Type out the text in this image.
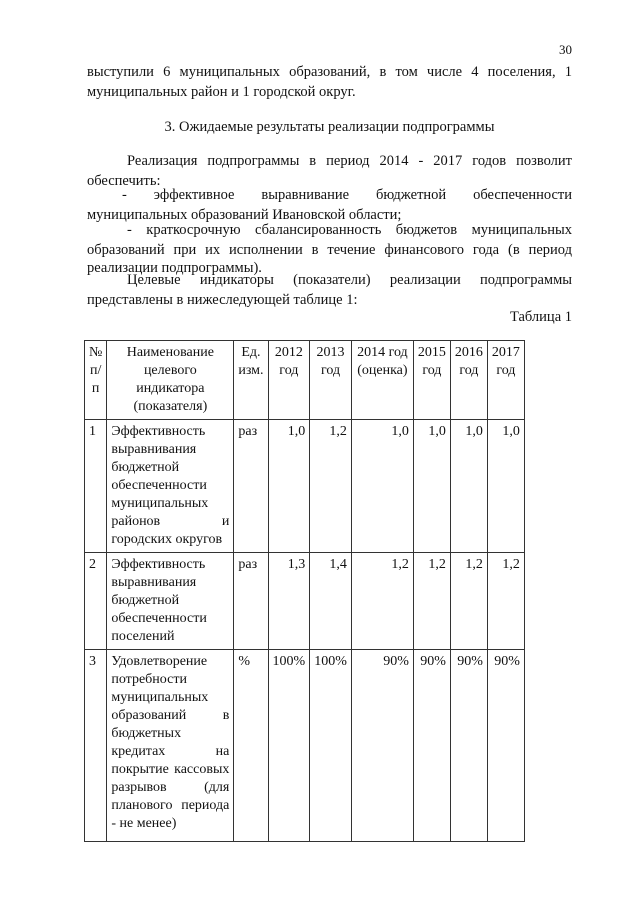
30
выступили 6 муниципальных образований, в том числе 4 поселения, 1
муниципальных район и 1 городской округ.
3. Ожидаемые результаты реализации подпрограммы
Реализация подпрограммы в период 2014 - 2017 годов позволит
обеспечить:
- эффективное выравнивание бюджетной обеспеченности
муниципальных образований Ивановской области;
- краткосрочную сбалансированность бюджетов муниципальных
образований при их исполнении в течение финансового года (в период
реализации подпрограммы).
Целевые индикаторы (показатели) реализации подпрограммы
представлены в нижеследующей таблице 1:
Таблица 1
№ п/п	Наименование целевого индикатора (показателя)	Ед. изм.	2012 год	2013 год	2014 год (оценка)	2015 год	2016 год	2017 год
1	Эффективность выравнивания бюджетной обеспеченности муниципальных районов и городских округов	раз	1,0	1,2	1,0	1,0	1,0	1,0
2	Эффективность выравнивания бюджетной обеспеченности поселений	раз	1,3	1,4	1,2	1,2	1,2	1,2
3	Удовлетворение потребности муниципальных образований в бюджетных кредитах на покрытие кассовых разрывов (для планового периода - не менее)	%	100%	100%	90%	90%	90%	90%
